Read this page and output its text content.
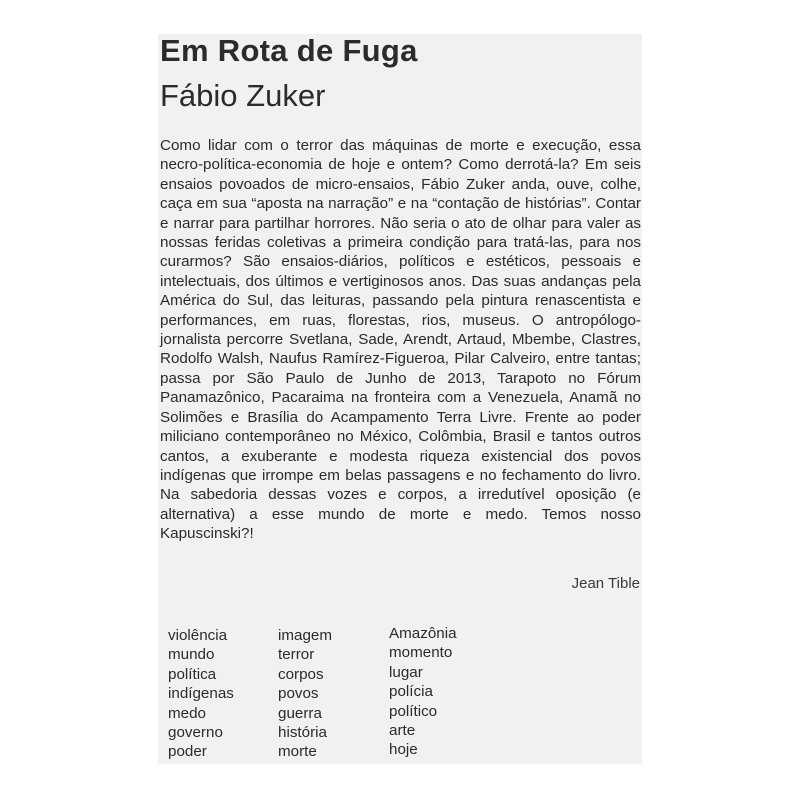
Em Rota de Fuga
Fábio Zuker

Como lidar com o terror das máquinas de morte e execução, essa necro-política-economia de hoje e ontem? Como derrotá-la? Em seis ensaios povoados de micro-ensaios, Fábio Zuker anda, ouve, colhe, caça em sua “aposta na narração” e na “contação de histórias”. Contar e narrar para partilhar horrores. Não seria o ato de olhar para valer as nossas feridas coletivas a primeira condição para tratá-las, para nos curarmos? São ensaios-diários, políticos e estéticos, pessoais e intelectuais, dos últimos e vertiginosos anos. Das suas andanças pela América do Sul, das leituras, passando pela pintura renascentista e performances, em ruas, florestas, rios, museus. O antropólogo-jornalista percorre Svetlana, Sade, Arendt, Artaud, Mbembe, Clastres, Rodolfo Walsh, Naufus Ramírez-Figueroa, Pilar Calveiro, entre tantas; passa por São Paulo de Junho de 2013, Tarapoto no Fórum Panamazônico, Pacaraima na fronteira com a Venezuela, Anamã no Solimões e Brasília do Acampamento Terra Livre. Frente ao poder miliciano contemporâneo no México, Colômbia, Brasil e tantos outros cantos, a exuberante e modesta riqueza existencial dos povos indígenas que irrompe em belas passagens e no fechamento do livro. Na sabedoria dessas vozes e corpos, a irredutível oposição (e alternativa) a esse mundo de morte e medo. Temos nosso Kapuscinski?!

Jean Tible

violência
mundo
política
indígenas
medo
governo
poder
imagem
terror
corpos
povos
guerra
história
morte
Amazônia
momento
lugar
polícia
político
arte
hoje
